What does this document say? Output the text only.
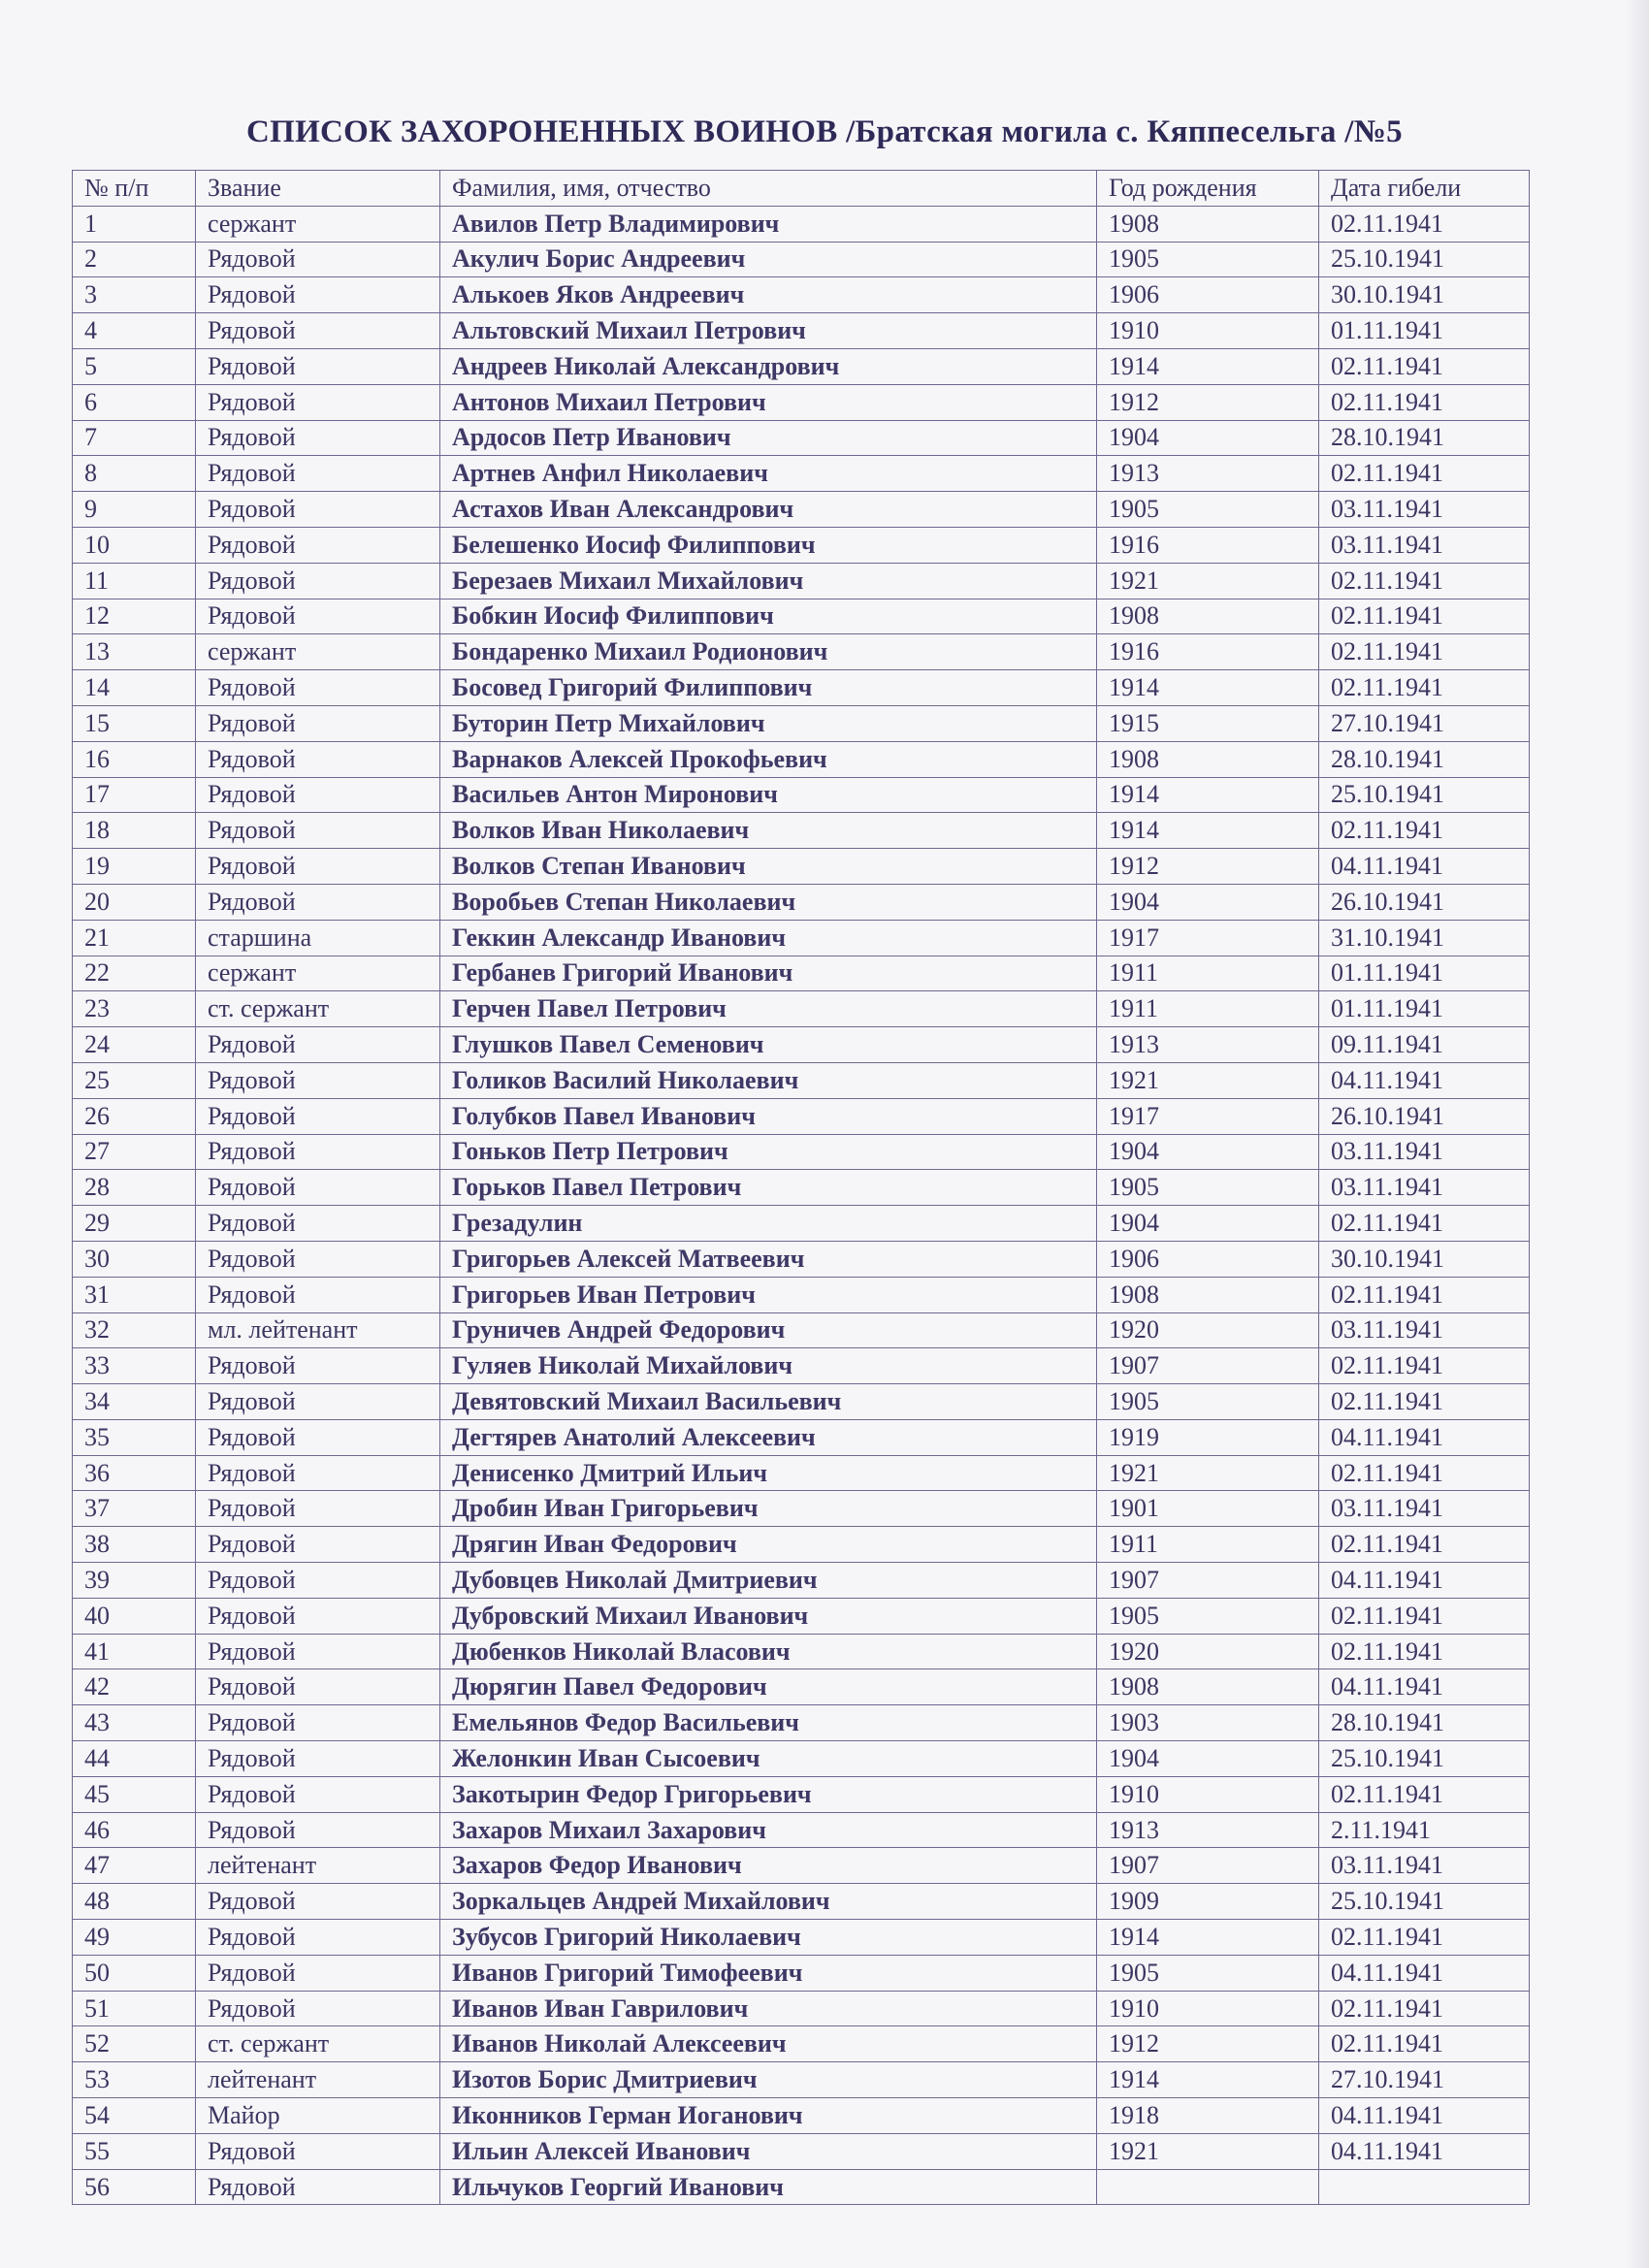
СПИСОК ЗАХОРОНЕННЫХ ВОИНОВ /Братская могила с. Кяппесельга /№5
№ п/п	Звание	Фамилия, имя, отчество	Год рождения	Дата гибели
1	сержант	Авилов Петр Владимирович	1908	02.11.1941
2	Рядовой	Акулич Борис Андреевич	1905	25.10.1941
3	Рядовой	Алькоев Яков Андреевич	1906	30.10.1941
4	Рядовой	Альтовский Михаил Петрович	1910	01.11.1941
5	Рядовой	Андреев Николай Александрович	1914	02.11.1941
6	Рядовой	Антонов Михаил Петрович	1912	02.11.1941
7	Рядовой	Ардосов Петр Иванович	1904	28.10.1941
8	Рядовой	Артнев Анфил Николаевич	1913	02.11.1941
9	Рядовой	Астахов Иван Александрович	1905	03.11.1941
10	Рядовой	Белешенко Иосиф Филиппович	1916	03.11.1941
11	Рядовой	Березаев Михаил Михайлович	1921	02.11.1941
12	Рядовой	Бобкин Иосиф Филиппович	1908	02.11.1941
13	сержант	Бондаренко Михаил Родионович	1916	02.11.1941
14	Рядовой	Босовед Григорий Филиппович	1914	02.11.1941
15	Рядовой	Буторин Петр Михайлович	1915	27.10.1941
16	Рядовой	Варнаков Алексей Прокофьевич	1908	28.10.1941
17	Рядовой	Васильев Антон Миронович	1914	25.10.1941
18	Рядовой	Волков Иван Николаевич	1914	02.11.1941
19	Рядовой	Волков Степан Иванович	1912	04.11.1941
20	Рядовой	Воробьев Степан Николаевич	1904	26.10.1941
21	старшина	Геккин Александр Иванович	1917	31.10.1941
22	сержант	Гербанев Григорий Иванович	1911	01.11.1941
23	ст. сержант	Герчен Павел Петрович	1911	01.11.1941
24	Рядовой	Глушков Павел Семенович	1913	09.11.1941
25	Рядовой	Голиков Василий Николаевич	1921	04.11.1941
26	Рядовой	Голубков Павел Иванович	1917	26.10.1941
27	Рядовой	Гоньков Петр Петрович	1904	03.11.1941
28	Рядовой	Горьков Павел Петрович	1905	03.11.1941
29	Рядовой	Грезадулин	1904	02.11.1941
30	Рядовой	Григорьев Алексей Матвеевич	1906	30.10.1941
31	Рядовой	Григорьев Иван Петрович	1908	02.11.1941
32	мл. лейтенант	Груничев Андрей Федорович	1920	03.11.1941
33	Рядовой	Гуляев Николай Михайлович	1907	02.11.1941
34	Рядовой	Девятовский Михаил Васильевич	1905	02.11.1941
35	Рядовой	Дегтярев Анатолий Алексеевич	1919	04.11.1941
36	Рядовой	Денисенко Дмитрий Ильич	1921	02.11.1941
37	Рядовой	Дробин Иван Григорьевич	1901	03.11.1941
38	Рядовой	Дрягин Иван Федорович	1911	02.11.1941
39	Рядовой	Дубовцев Николай Дмитриевич	1907	04.11.1941
40	Рядовой	Дубровский Михаил Иванович	1905	02.11.1941
41	Рядовой	Дюбенков Николай Власович	1920	02.11.1941
42	Рядовой	Дюрягин Павел Федорович	1908	04.11.1941
43	Рядовой	Емельянов Федор Васильевич	1903	28.10.1941
44	Рядовой	Желонкин Иван Сысоевич	1904	25.10.1941
45	Рядовой	Закотырин Федор Григорьевич	1910	02.11.1941
46	Рядовой	Захаров Михаил Захарович	1913	2.11.1941
47	лейтенант	Захаров Федор Иванович	1907	03.11.1941
48	Рядовой	Зоркальцев Андрей Михайлович	1909	25.10.1941
49	Рядовой	Зубусов Григорий Николаевич	1914	02.11.1941
50	Рядовой	Иванов Григорий Тимофеевич	1905	04.11.1941
51	Рядовой	Иванов Иван Гаврилович	1910	02.11.1941
52	ст. сержант	Иванов Николай Алексеевич	1912	02.11.1941
53	лейтенант	Изотов Борис Дмитриевич	1914	27.10.1941
54	Майор	Иконников Герман Иоганович	1918	04.11.1941
55	Рядовой	Ильин Алексей Иванович	1921	04.11.1941
56	Рядовой	Ильчуков Георгий Иванович		
